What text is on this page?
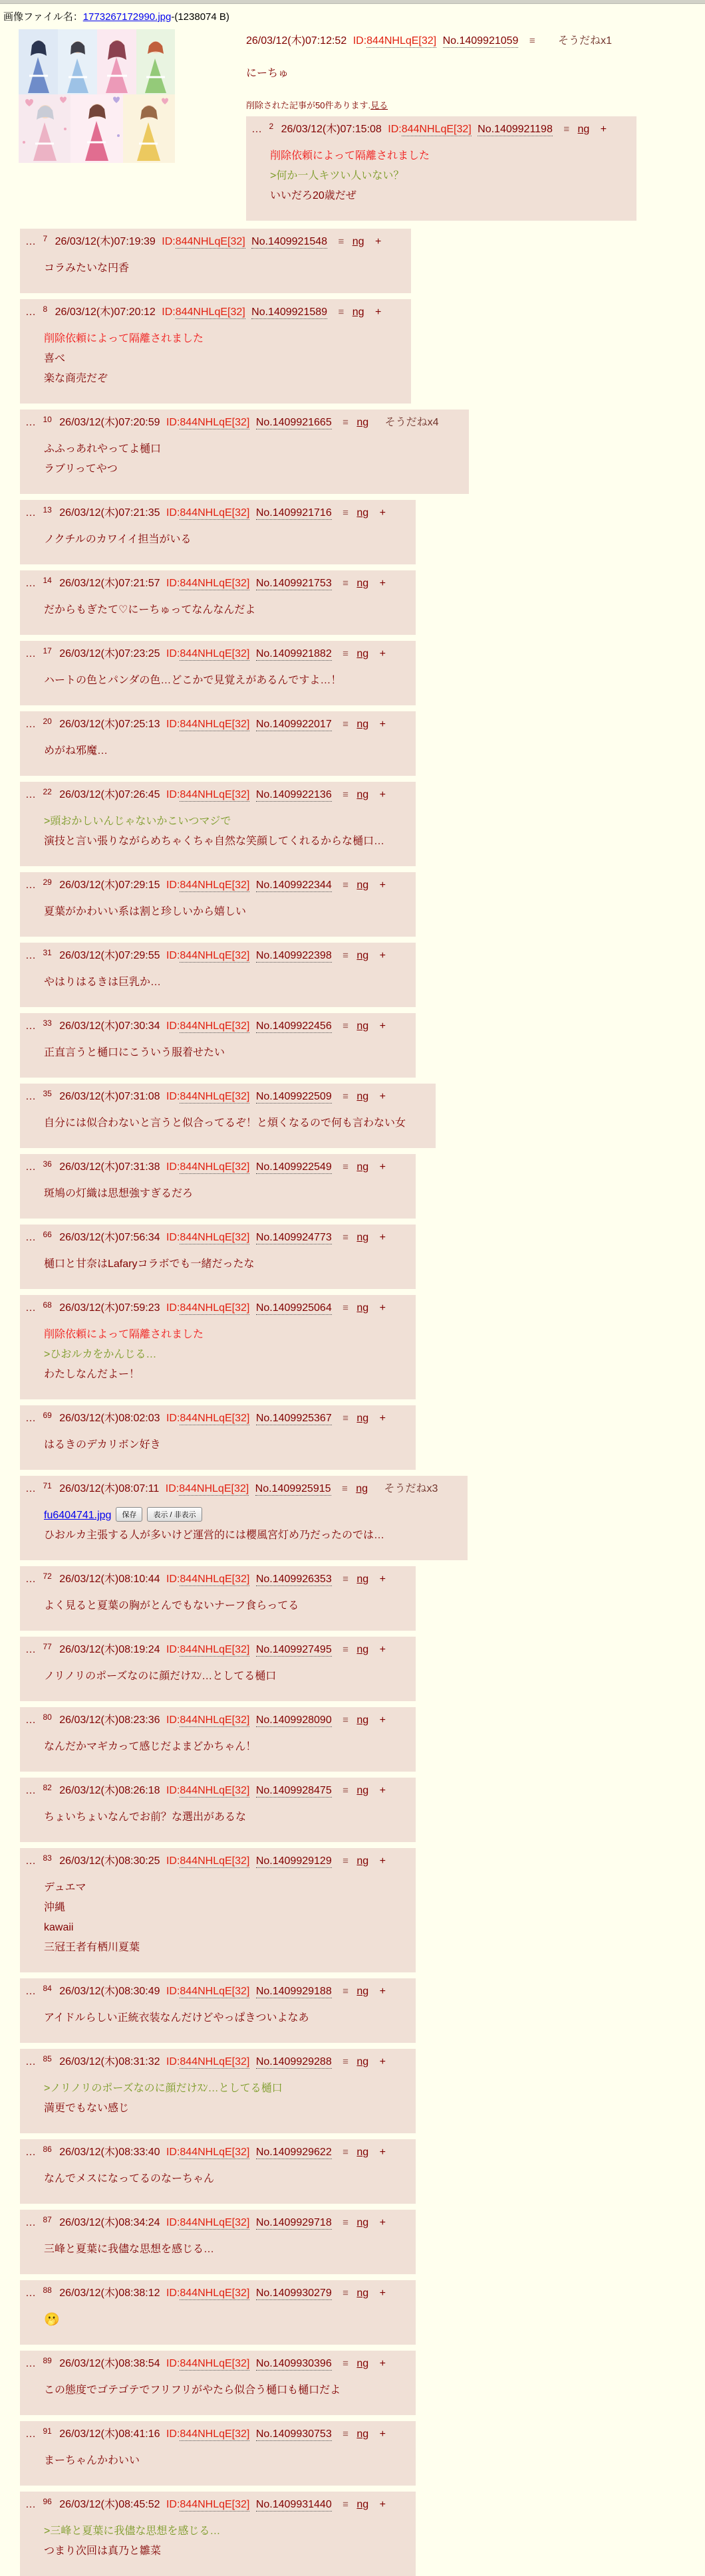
画像ファイル名：1773267172990.jpg-(1238074 B)
26/03/12(木)07:12:52 ID:844NHLqE[32] No.1409921059 ≡ そうだねx1
にーちゅ
削除された記事が50件あります.見る
… $^2$ 26/03/12(木)07:15:08 ID:844NHLqE[32] No.1409921198 ≡ ng +
削除依頼によって隔離されました
>何か一人キツい人いない？
いいだろ20歳だぜ
… $^7$ 26/03/12(木)07:19:39 ID:844NHLqE[32] No.1409921548 ≡ ng +
コラみたいな円香
… $^8$ 26/03/12(木)07:20:12 ID:844NHLqE[32] No.1409921589 ≡ ng +
削除依頼によって隔離されました
喜べ
楽な商売だぞ
… $^{10}$ 26/03/12(木)07:20:59 ID:844NHLqE[32] No.1409921665 ≡ ng そうだねx4
ふふっあれやってよ樋口
ラブリってやつ
… $^{13}$ 26/03/12(木)07:21:35 ID:844NHLqE[32] No.1409921716 ≡ ng +
ノクチルのカワイイ担当がいる
… $^{14}$ 26/03/12(木)07:21:57 ID:844NHLqE[32] No.1409921753 ≡ ng +
だからもぎたて♡にーちゅってなんなんだよ
… $^{17}$ 26/03/12(木)07:23:25 ID:844NHLqE[32] No.1409921882 ≡ ng +
ハートの色とパンダの色…どこかで見覚えがあるんですよ…！
… $^{20}$ 26/03/12(木)07:25:13 ID:844NHLqE[32] No.1409922017 ≡ ng +
めがね邪魔…
… $^{22}$ 26/03/12(木)07:26:45 ID:844NHLqE[32] No.1409922136 ≡ ng +
>頭おかしいんじゃないかこいつマジで
演技と言い張りながらめちゃくちゃ自然な笑顔してくれるからな樋口…
… $^{29}$ 26/03/12(木)07:29:15 ID:844NHLqE[32] No.1409922344 ≡ ng +
夏葉がかわいい系は割と珍しいから嬉しい
… $^{31}$ 26/03/12(木)07:29:55 ID:844NHLqE[32] No.1409922398 ≡ ng +
やはりはるきは巨乳か…
… $^{33}$ 26/03/12(木)07:30:34 ID:844NHLqE[32] No.1409922456 ≡ ng +
正直言うと樋口にこういう服着せたい
… $^{35}$ 26/03/12(木)07:31:08 ID:844NHLqE[32] No.1409922509 ≡ ng +
自分には似合わないと言うと似合ってるぞ！と煩くなるので何も言わない女
… $^{36}$ 26/03/12(木)07:31:38 ID:844NHLqE[32] No.1409922549 ≡ ng +
斑鳩の灯織は思想強すぎるだろ
… $^{66}$ 26/03/12(木)07:56:34 ID:844NHLqE[32] No.1409924773 ≡ ng +
樋口と甘奈はLafaryコラボでも一緒だったな
… $^{68}$ 26/03/12(木)07:59:23 ID:844NHLqE[32] No.1409925064 ≡ ng +
削除依頼によって隔離されました
>ひおルカをかんじる…
わたしなんだよー！
… $^{69}$ 26/03/12(木)08:02:03 ID:844NHLqE[32] No.1409925367 ≡ ng +
はるきのデカリボン好き
… $^{71}$ 26/03/12(木)08:07:11 ID:844NHLqE[32] No.1409925915 ≡ ng そうだねx3
fu6404741.jpg 保存 表示 / 非表示
ひおルカ主張する人が多いけど運営的には櫻風宮灯め乃だったのでは…
… $^{72}$ 26/03/12(木)08:10:44 ID:844NHLqE[32] No.1409926353 ≡ ng +
よく見ると夏葉の胸がとんでもないナーフ食らってる
… $^{77}$ 26/03/12(木)08:19:24 ID:844NHLqE[32] No.1409927495 ≡ ng +
ノリノリのポーズなのに顔だけｽﾝ…としてる樋口
… $^{80}$ 26/03/12(木)08:23:36 ID:844NHLqE[32] No.1409928090 ≡ ng +
なんだかマギカって感じだよまどかちゃん！
… $^{82}$ 26/03/12(木)08:26:18 ID:844NHLqE[32] No.1409928475 ≡ ng +
ちょいちょいなんでお前？な選出があるな
… $^{83}$ 26/03/12(木)08:30:25 ID:844NHLqE[32] No.1409929129 ≡ ng +
デュエマ
沖縄
kawaii
三冠王者有栖川夏葉
… $^{84}$ 26/03/12(木)08:30:49 ID:844NHLqE[32] No.1409929188 ≡ ng +
アイドルらしい正統衣装なんだけどやっぱきついよなあ
… $^{85}$ 26/03/12(木)08:31:32 ID:844NHLqE[32] No.1409929288 ≡ ng +
>ノリノリのポーズなのに顔だけｽﾝ…としてる樋口
満更でもない感じ
… $^{86}$ 26/03/12(木)08:33:40 ID:844NHLqE[32] No.1409929622 ≡ ng +
なんでメスになってるのなーちゃん
… $^{87}$ 26/03/12(木)08:34:24 ID:844NHLqE[32] No.1409929718 ≡ ng +
三峰と夏葉に我儘な思想を感じる…
… $^{88}$ 26/03/12(木)08:38:12 ID:844NHLqE[32] No.1409930279 ≡ ng +
🫢
… $^{89}$ 26/03/12(木)08:38:54 ID:844NHLqE[32] No.1409930396 ≡ ng +
この態度でゴテゴテでフリフリがやたら似合う樋口も樋口だよ
… $^{91}$ 26/03/12(木)08:41:16 ID:844NHLqE[32] No.1409930753 ≡ ng +
まーちゃんかわいい
… $^{96}$ 26/03/12(木)08:45:52 ID:844NHLqE[32] No.1409931440 ≡ ng +
>三峰と夏葉に我儘な思想を感じる…
つまり次回は真乃と雛菜
